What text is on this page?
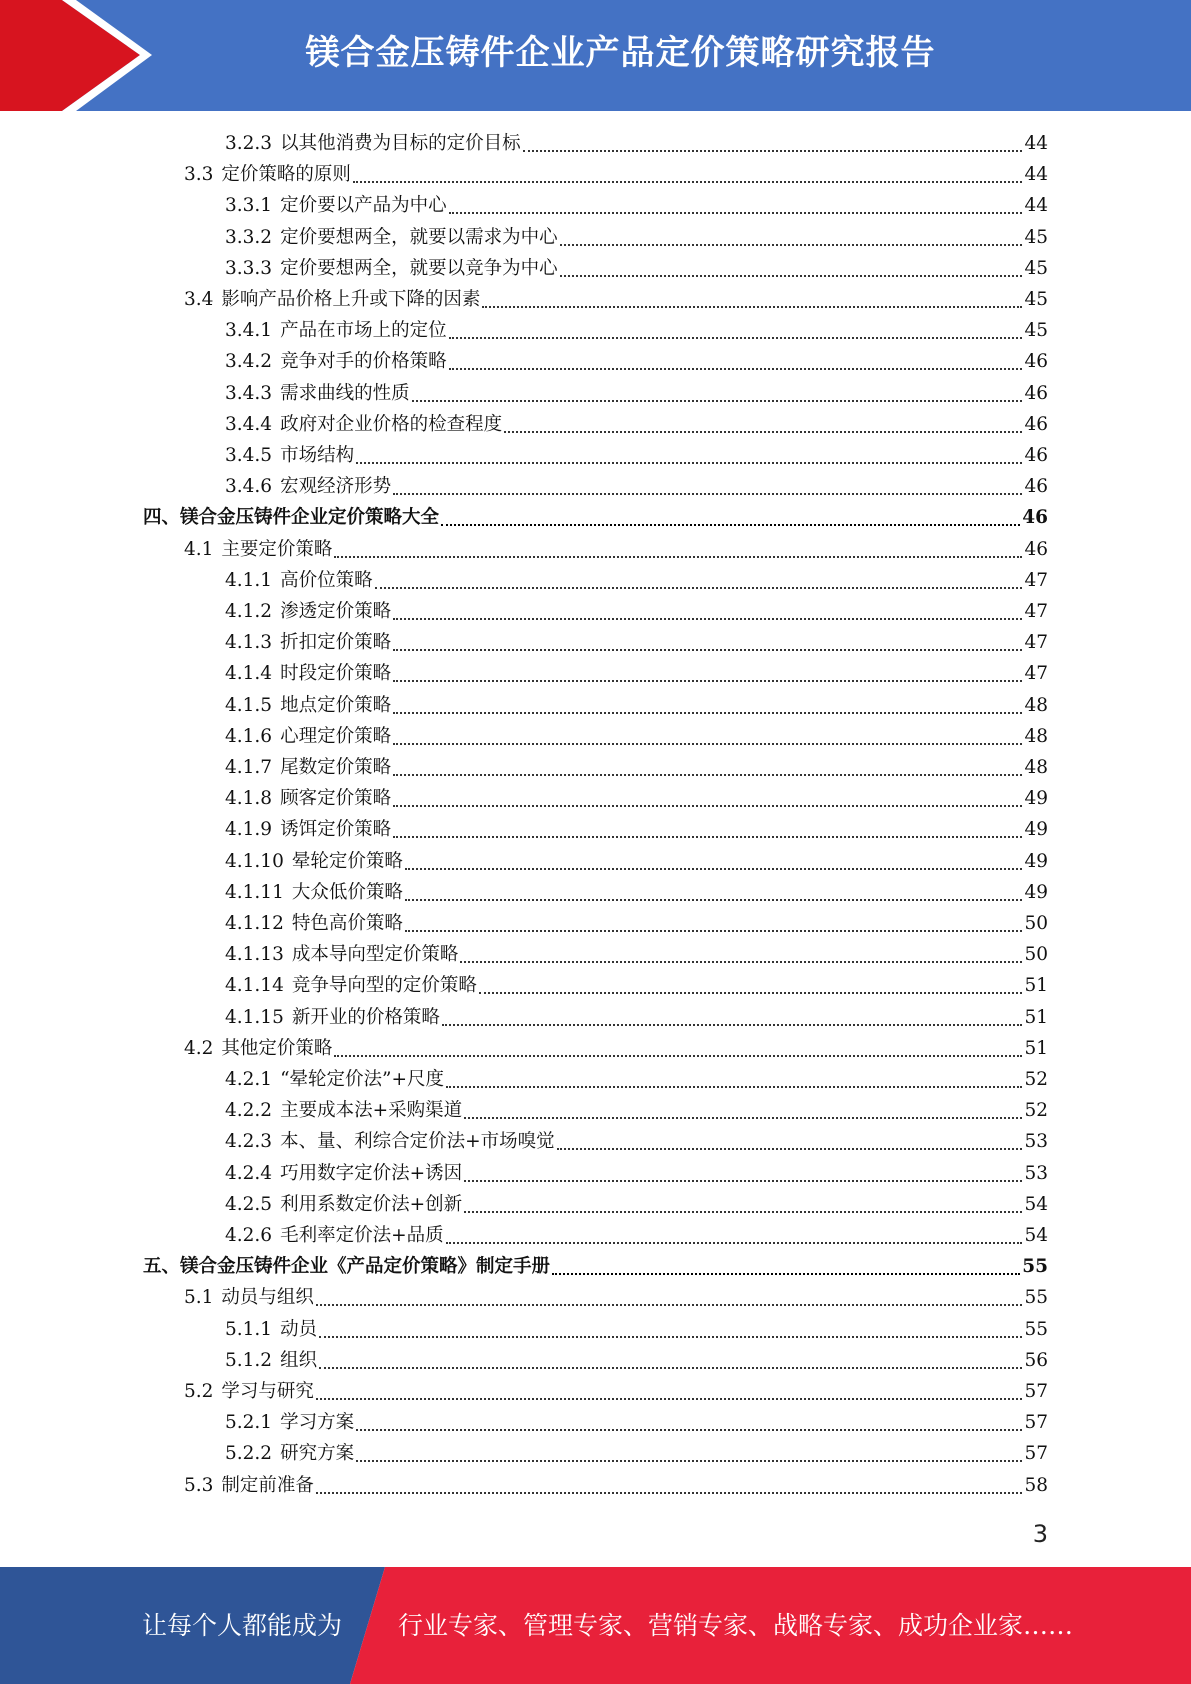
镁合金压铸件企业产品定价策略研究报告
3.2.3 以其他消费为目标的定价目标	44
3.3 定价策略的原则	44
3.3.1 定价要以产品为中心	44
3.3.2 定价要想两全，就要以需求为中心	45
3.3.3 定价要想两全，就要以竞争为中心	45
3.4 影响产品价格上升或下降的因素	45
3.4.1 产品在市场上的定位	45
3.4.2 竞争对手的价格策略	46
3.4.3 需求曲线的性质	46
3.4.4 政府对企业价格的检查程度	46
3.4.5 市场结构	46
3.4.6 宏观经济形势	46
四、镁合金压铸件企业定价策略大全	46
4.1 主要定价策略	46
4.1.1 高价位策略	47
4.1.2 渗透定价策略	47
4.1.3 折扣定价策略	47
4.1.4 时段定价策略	47
4.1.5 地点定价策略	48
4.1.6 心理定价策略	48
4.1.7 尾数定价策略	48
4.1.8 顾客定价策略	49
4.1.9 诱饵定价策略	49
4.1.10 晕轮定价策略	49
4.1.11 大众低价策略	49
4.1.12 特色高价策略	50
4.1.13 成本导向型定价策略	50
4.1.14 竞争导向型的定价策略	51
4.1.15 新开业的价格策略	51
4.2 其他定价策略	51
4.2.1 “晕轮定价法”+尺度	52
4.2.2 主要成本法+采购渠道	52
4.2.3 本、量、利综合定价法+市场嗅觉	53
4.2.4 巧用数字定价法+诱因	53
4.2.5 利用系数定价法+创新	54
4.2.6 毛利率定价法+品质	54
五、镁合金压铸件企业《产品定价策略》制定手册	55
5.1 动员与组织	55
5.1.1 动员	55
5.1.2 组织	56
5.2 学习与研究	57
5.2.1 学习方案	57
5.2.2 研究方案	57
5.3 制定前准备	58
3
让每个人都能成为 行业专家、管理专家、营销专家、战略专家、成功企业家……
